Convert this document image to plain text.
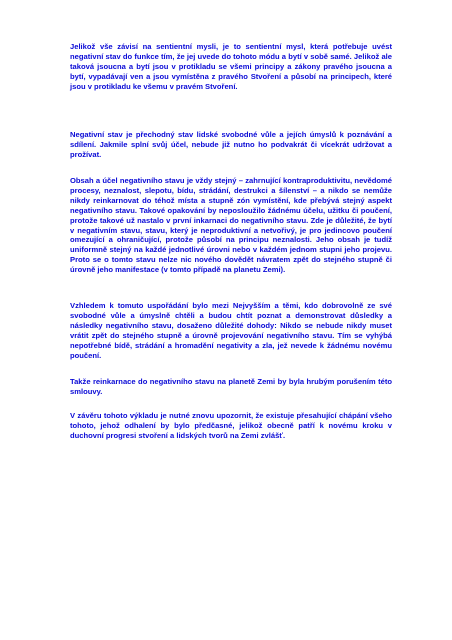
Jelikož vše závisí na sentientní mysli, je to sentientní mysl, která potřebuje uvést negativní stav do funkce tím, že jej uvede do tohoto módu a bytí v sobě samé. Jelikož ale taková jsoucna a bytí jsou v protikladu se všemi principy a zákony pravého jsoucna a bytí, vypadávají ven a jsou vymístěna z pravého Stvoření a působí na principech, které jsou v protikladu ke všemu v pravém Stvoření.

Negativní stav je přechodný stav lidské svobodné vůle a jejích úmyslů k poznávání a sdílení. Jakmile splní svůj účel, nebude již nutno ho podvakrát či vícekrát udržovat a prožívat.

Obsah a účel negativního stavu je vždy stejný – zahrnující kontraproduktivitu, nevědomé procesy, neznalost, slepotu, bídu, strádání, destrukci a šílenství – a nikdo se nemůže nikdy reinkarnovat do téhož místa a stupně zón vymístění, kde přebývá stejný aspekt negativního stavu. Takové opakování by neposloužilo žádnému účelu, užitku či poučení, protože takové už nastalo v první inkarnaci do negativního stavu. Zde je důležité, že bytí v negativním stavu, stavu, který je neproduktivní a netvořivý, je pro jedincovo poučení omezující a ohraničující, protože působí na principu neznalosti. Jeho obsah je tudíž uniformně stejný na každé jednotlivé úrovni nebo v každém jednom stupni jeho projevu. Proto se o tomto stavu nelze nic nového dovědět návratem zpět do stejného stupně či úrovně jeho manifestace (v tomto případě na planetu Zemi).

Vzhledem k tomuto uspořádání bylo mezi Nejvyšším a těmi, kdo dobrovolně ze své svobodné vůle a úmyslně chtěli a budou chtít poznat a demonstrovat důsledky a následky negativního stavu, dosaženo důležité dohody: Nikdo se nebude nikdy muset vrátit zpět do stejného stupně a úrovně projevování negativního stavu. Tím se vyhýbá nepotřebné bídě, strádání a hromadění negativity a zla, jež nevede k žádnému novému poučení.

Takže reinkarnace do negativního stavu na planetě Zemi by byla hrubým porušením této smlouvy.

V závěru tohoto výkladu je nutné znovu upozornit, že existuje přesahující chápání všeho tohoto, jehož odhalení by bylo předčasné, jelikož obecně patří k novému kroku v duchovní progresi stvoření a lidských tvorů na Zemi zvlášť.
